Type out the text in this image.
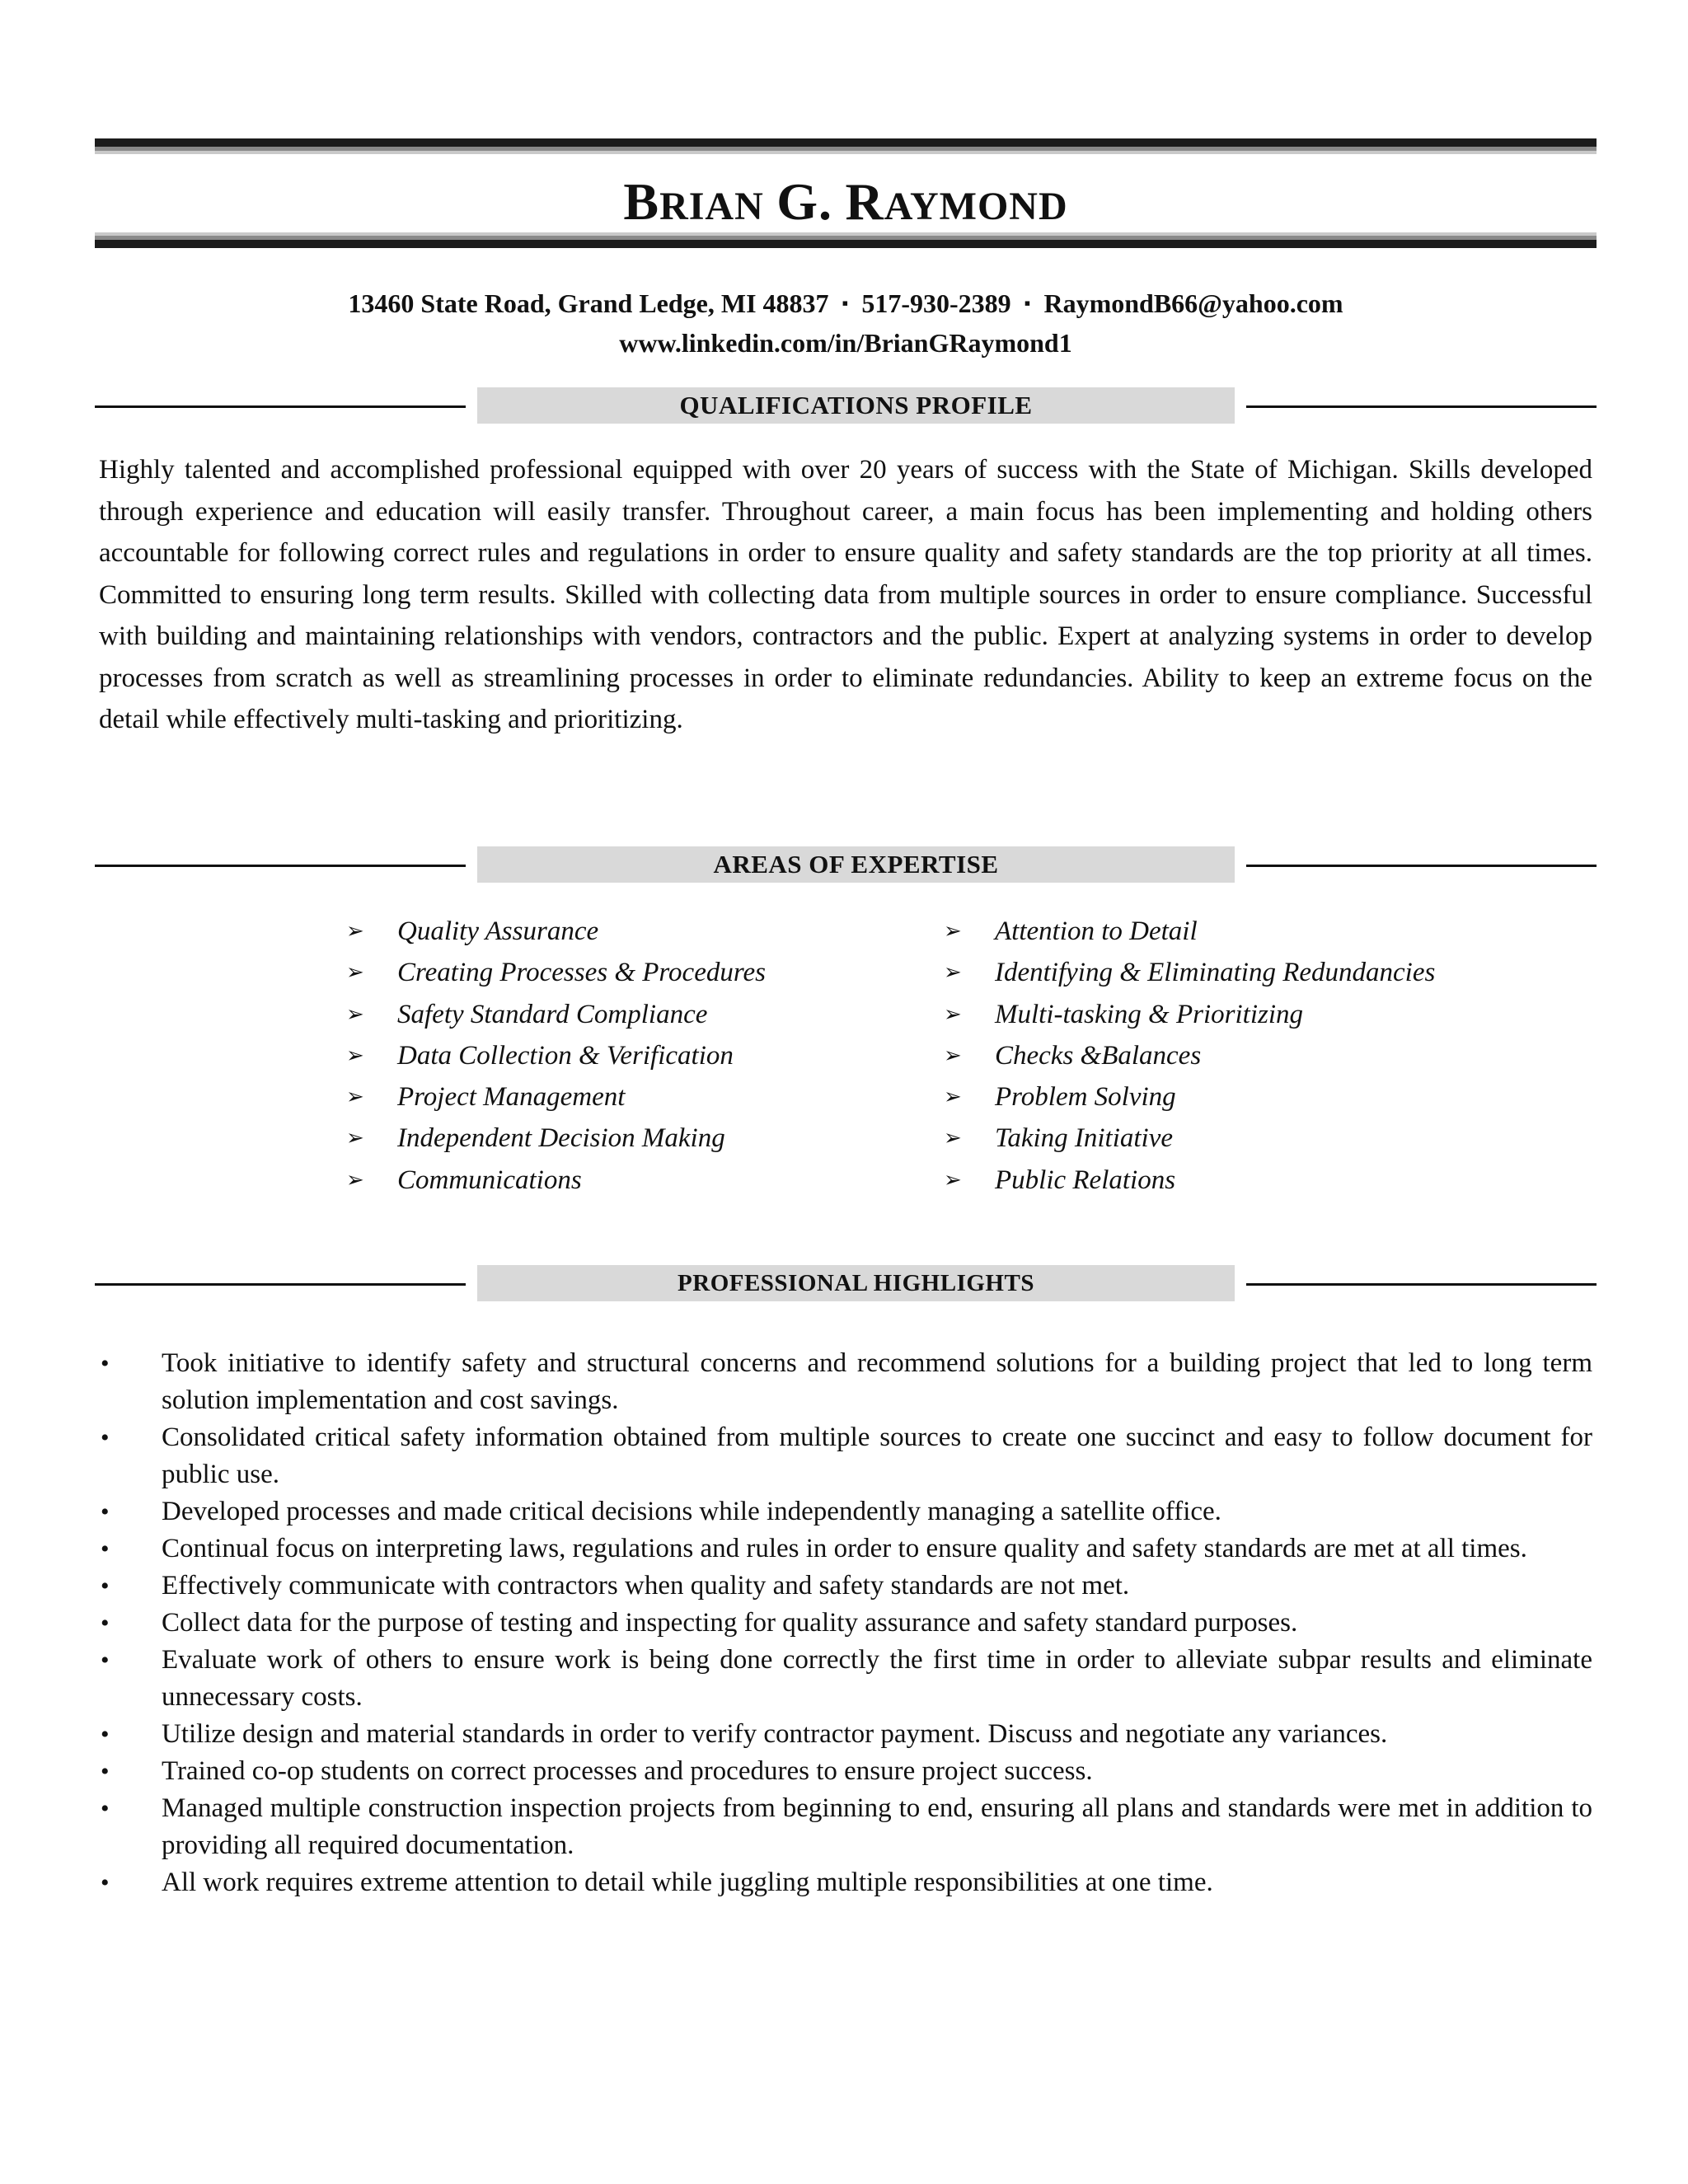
BRIAN G. RAYMOND
13460 State Road, Grand Ledge, MI 48837 ▪ 517-930-2389 ▪ RaymondB66@yahoo.com
www.linkedin.com/in/BrianGRaymond1
QUALIFICATIONS PROFILE

Highly talented and accomplished professional equipped with over 20 years of success with the State of Michigan. Skills developed through experience and education will easily transfer. Throughout career, a main focus has been implementing and holding others accountable for following correct rules and regulations in order to ensure quality and safety standards are the top priority at all times. Committed to ensuring long term results. Skilled with collecting data from multiple sources in order to ensure compliance. Successful with building and maintaining relationships with vendors, contractors and the public. Expert at analyzing systems in order to develop processes from scratch as well as streamlining processes in order to eliminate redundancies. Ability to keep an extreme focus on the detail while effectively multi-tasking and prioritizing.

AREAS OF EXPERTISE
➢ Quality Assurance
➢ Creating Processes & Procedures
➢ Safety Standard Compliance
➢ Data Collection & Verification
➢ Project Management
➢ Independent Decision Making
➢ Communications
➢ Attention to Detail
➢ Identifying & Eliminating Redundancies
➢ Multi-tasking & Prioritizing
➢ Checks &Balances
➢ Problem Solving
➢ Taking Initiative
➢ Public Relations
PROFESSIONAL HIGHLIGHTS
• Took initiative to identify safety and structural concerns and recommend solutions for a building project that led to long term solution implementation and cost savings.
• Consolidated critical safety information obtained from multiple sources to create one succinct and easy to follow document for public use.
• Developed processes and made critical decisions while independently managing a satellite office.
• Continual focus on interpreting laws, regulations and rules in order to ensure quality and safety standards are met at all times.
• Effectively communicate with contractors when quality and safety standards are not met.
• Collect data for the purpose of testing and inspecting for quality assurance and safety standard purposes.
• Evaluate work of others to ensure work is being done correctly the first time in order to alleviate subpar results and eliminate unnecessary costs.
• Utilize design and material standards in order to verify contractor payment. Discuss and negotiate any variances.
• Trained co-op students on correct processes and procedures to ensure project success.
• Managed multiple construction inspection projects from beginning to end, ensuring all plans and standards were met in addition to providing all required documentation.
• All work requires extreme attention to detail while juggling multiple responsibilities at one time.
